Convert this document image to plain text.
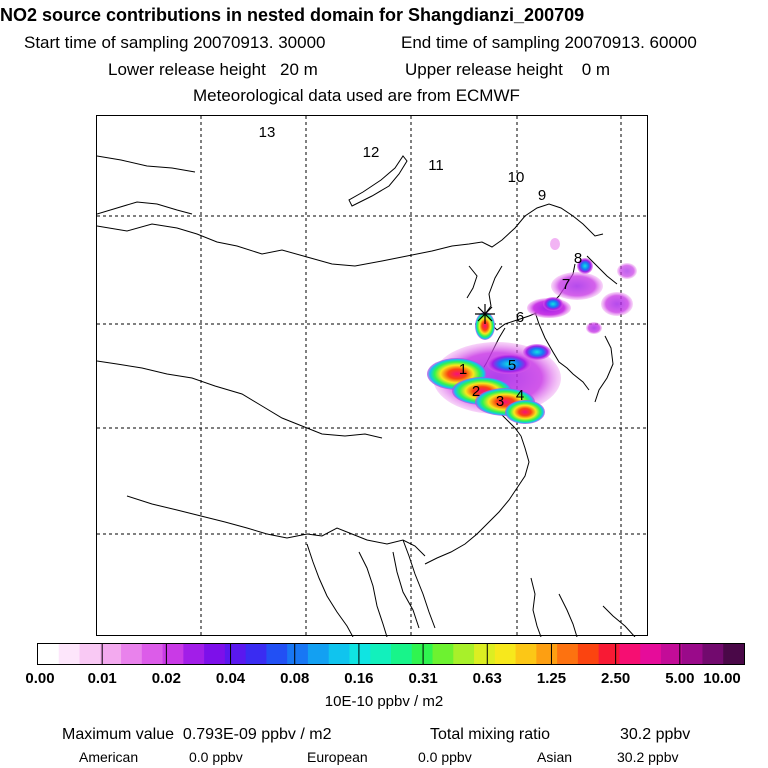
NO2 source contributions in nested domain for Shangdianzi_200709
Start time of sampling 20070913. 30000	End time of sampling 20070913. 60000
Lower release height   20 m	Upper release height    0 m
Meteorological data used are from ECMWF
1
2
3 4
5
6
7
8
9
10
11
12
13
0.00 0.01 0.02 0.04 0.08 0.16 0.31 0.63 1.25 2.50 5.00 10.00
10E-10 ppbv / m2
Maximum value  0.793E-09 ppbv / m2	Total mixing ratio	30.2 ppbv
American	0.0 ppbv	European	0.0 ppbv	Asian	30.2 ppbv
